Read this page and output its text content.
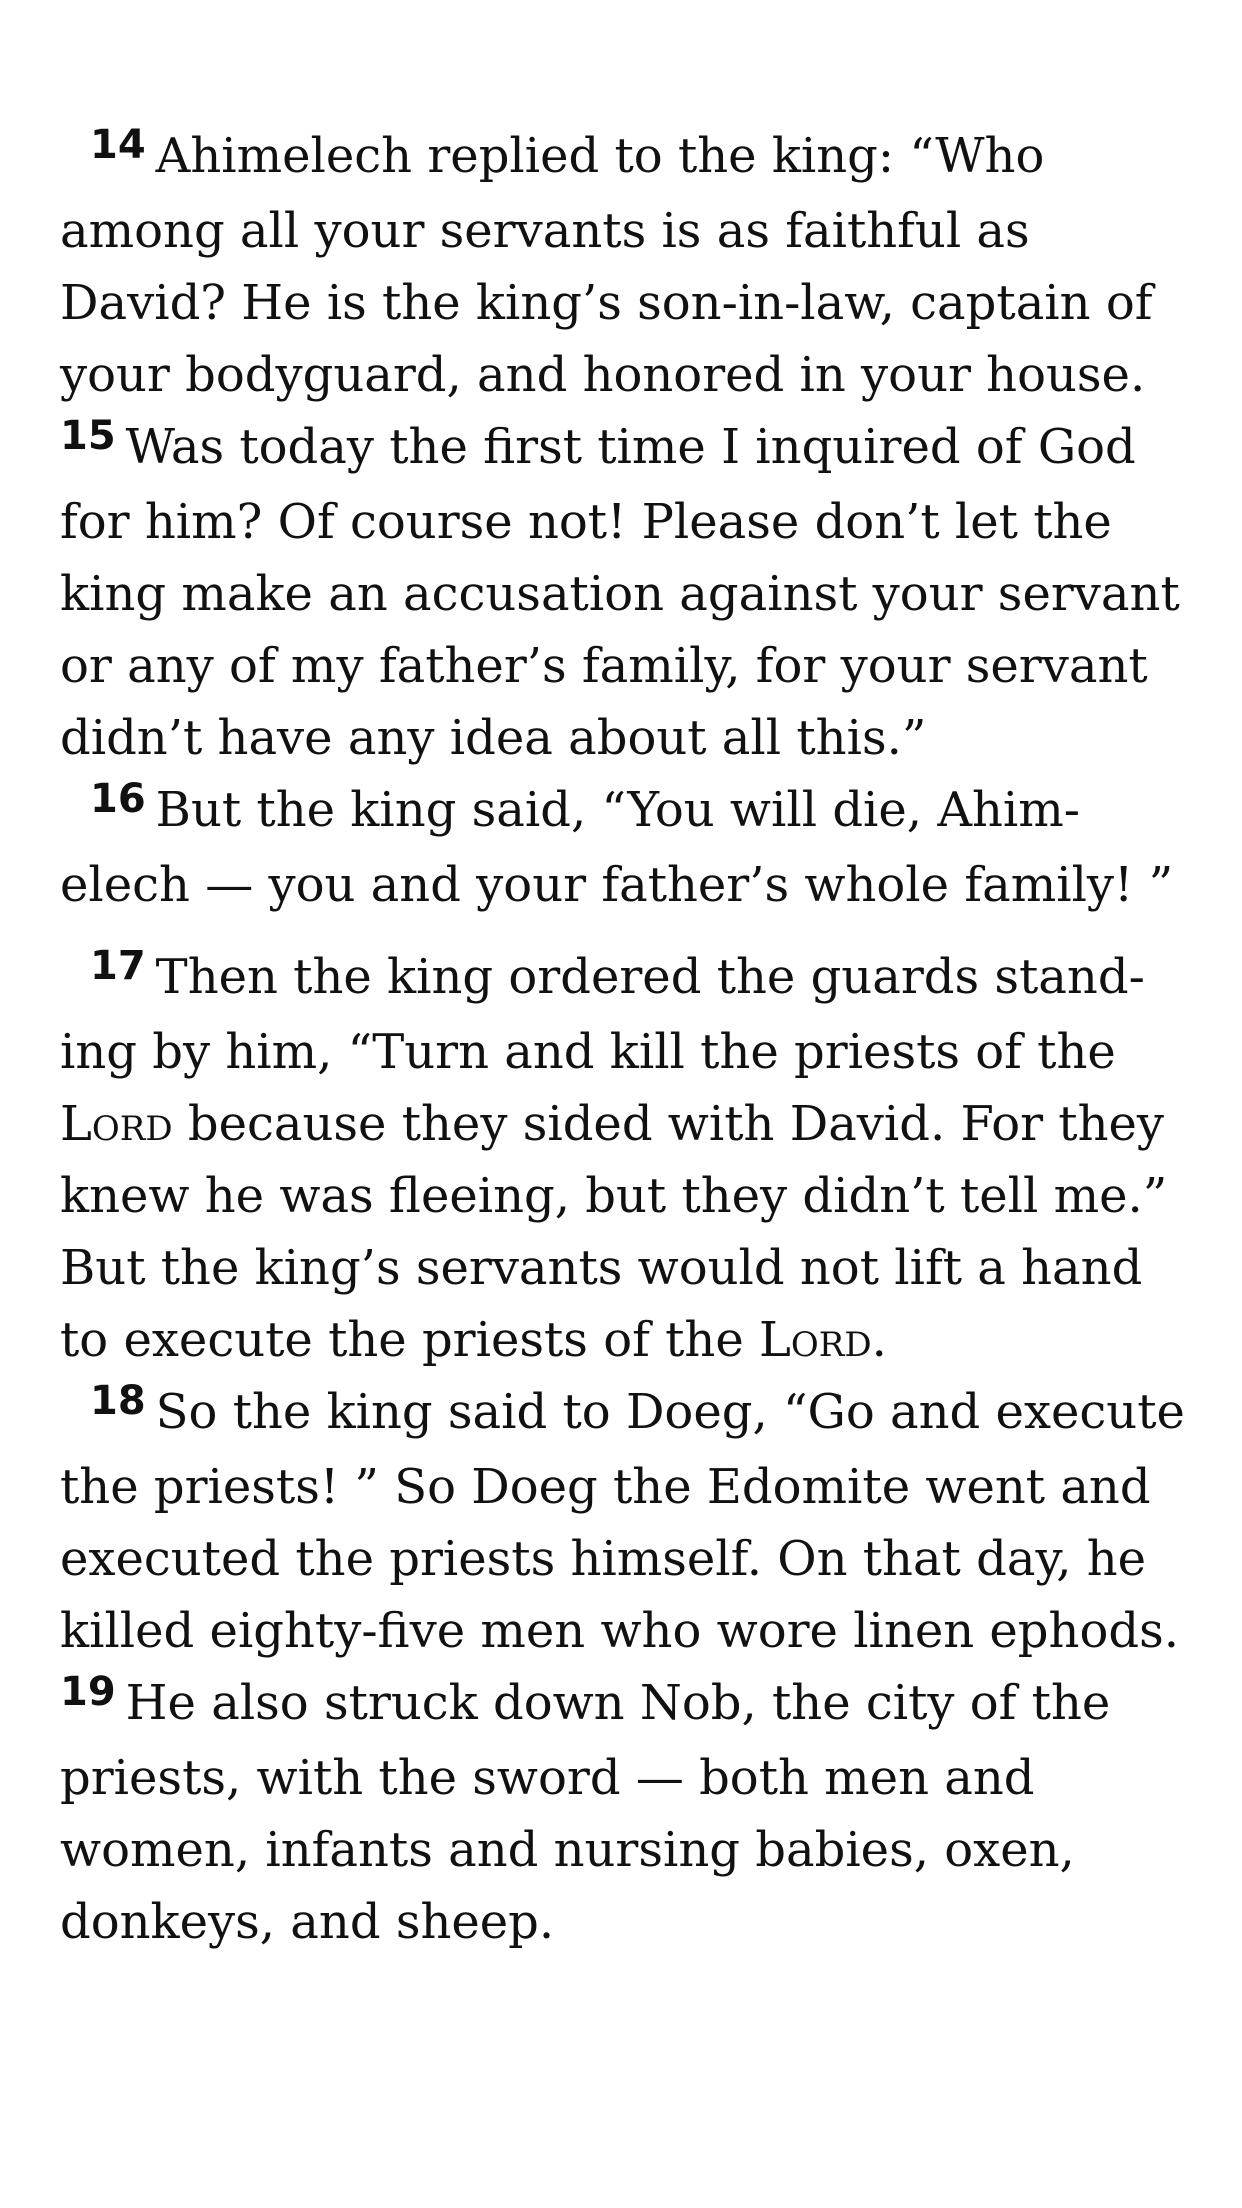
$^{14}$ Ahimelech replied to the king: “Who among all your servants is as faithful as David? He is the king’s son-in-law, captain of your bodyguard, and honored in your house. $^{15}$ Was today the first time I inquired of God for him? Of course not! Please don’t let the king make an accusation against your servant or any of my father’s family, for your servant didn’t have any idea about all this.”

$^{16}$ But the king said, “You will die, Ahim-elech — you and your father’s whole family! ”

$^{17}$ Then the king ordered the guards stand-ing by him, “Turn and kill the priests of the Lord because they sided with David. For they knew he was fleeing, but they didn’t tell me.” But the king’s servants would not lift a hand to execute the priests of the Lord.

$^{18}$ So the king said to Doeg, “Go and execute the priests! ” So Doeg the Edomite went and executed the priests himself. On that day, he killed eighty-five men who wore linen ephods. $^{19}$ He also struck down Nob, the city of the priests, with the sword — both men and women, infants and nursing babies, oxen, donkeys, and sheep.
